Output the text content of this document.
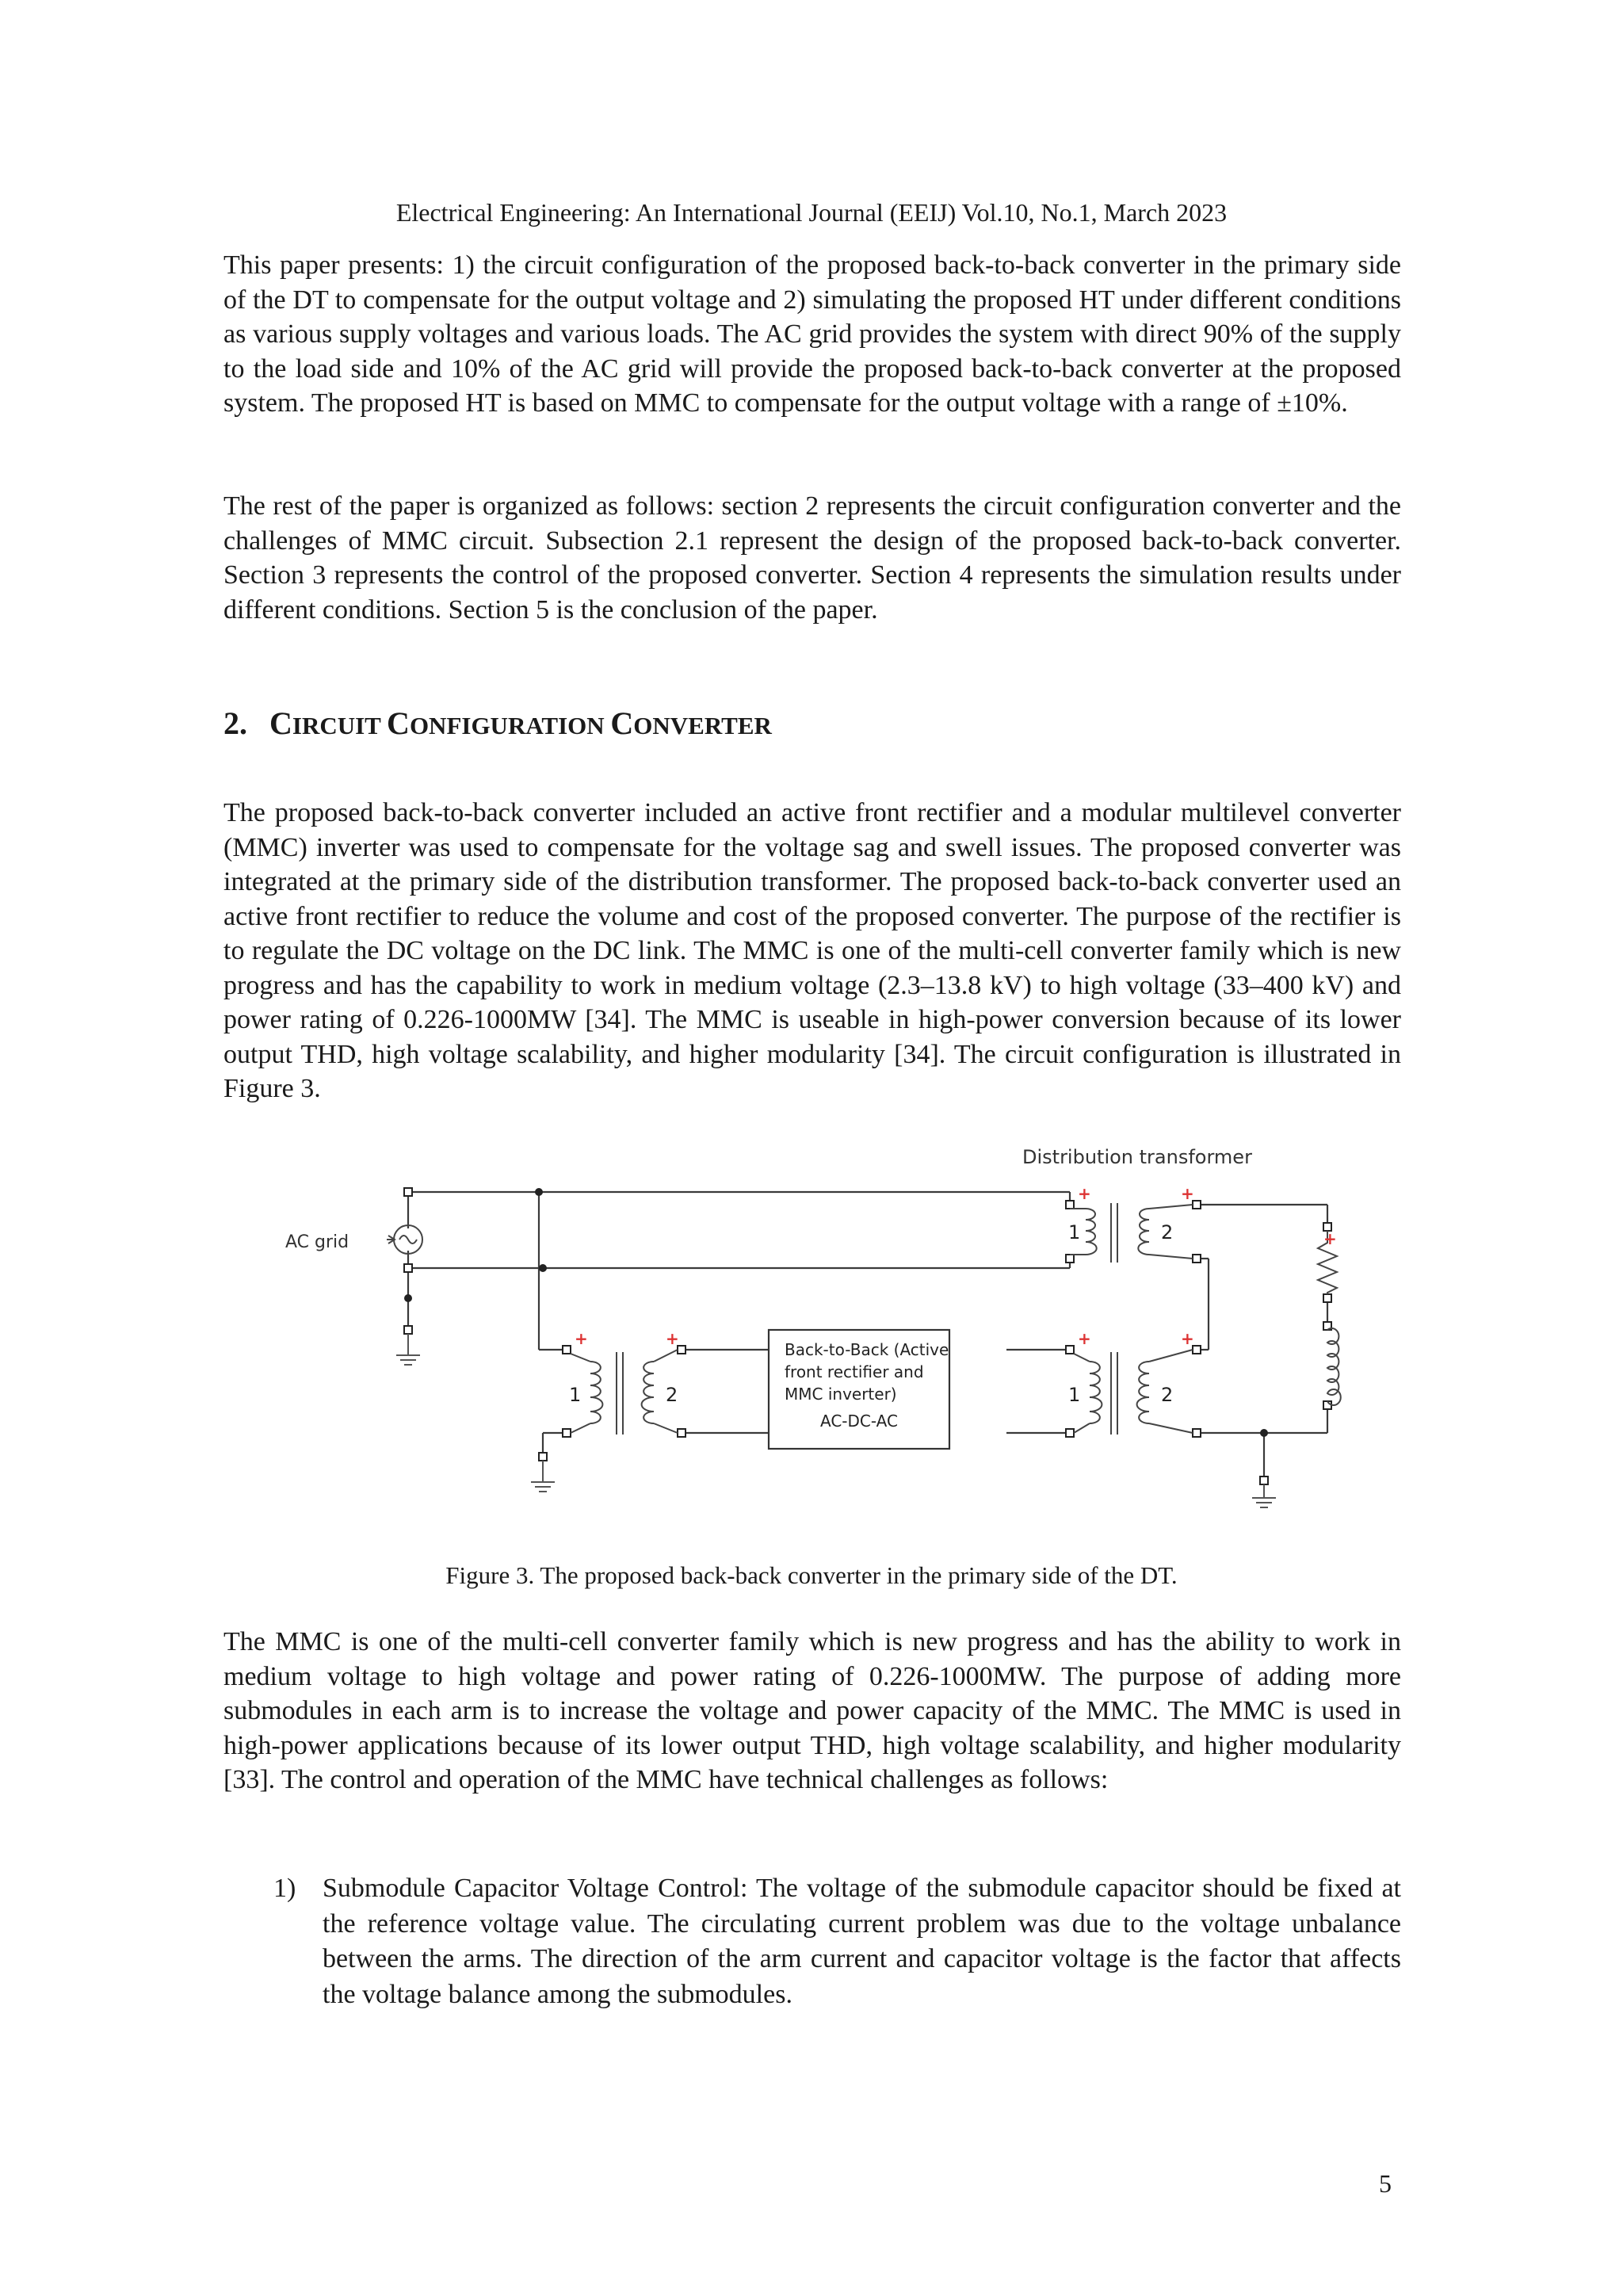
Electrical Engineering: An International Journal (EEIJ) Vol.10, No.1, March 2023

This paper presents: 1) the circuit configuration of the proposed back-to-back converter in the primary side of the DT to compensate for the output voltage and 2) simulating the proposed HT under different conditions as various supply voltages and various loads. The AC grid provides the system with direct 90% of the supply to the load side and 10% of the AC grid will provide the proposed back-to-back converter at the proposed system. The proposed HT is based on MMC to compensate for the output voltage with a range of ±10%.

The rest of the paper is organized as follows: section 2 represents the circuit configuration converter and the challenges of MMC circuit. Subsection 2.1 represent the design of the proposed back-to-back converter. Section 3 represents the control of the proposed converter. Section 4 represents the simulation results under different conditions. Section 5 is the conclusion of the paper.

2. CIRCUIT CONFIGURATION CONVERTER

The proposed back-to-back converter included an active front rectifier and a modular multilevel converter (MMC) inverter was used to compensate for the voltage sag and swell issues. The proposed converter was integrated at the primary side of the distribution transformer. The proposed back-to-back converter used an active front rectifier to reduce the volume and cost of the proposed converter. The purpose of the rectifier is to regulate the DC voltage on the DC link. The MMC is one of the multi-cell converter family which is new progress and has the capability to work in medium voltage (2.3–13.8 kV) to high voltage (33–400 kV) and power rating of 0.226-1000MW [34]. The MMC is useable in high-power conversion because of its lower output THD, high voltage scalability, and higher modularity [34]. The circuit configuration is illustrated in Figure 3.

AC grid
Back-to-Back (Active
front rectifier and
MMC inverter)
AC-DC-AC
Distribution transformer
1	2
1	2	1	2
+	+
+	+	+	+
+
Figure 3. The proposed back-back converter in the primary side of the DT.

The MMC is one of the multi-cell converter family which is new progress and has the ability to work in medium voltage to high voltage and power rating of 0.226-1000MW. The purpose of adding more submodules in each arm is to increase the voltage and power capacity of the MMC. The MMC is used in high-power applications because of its lower output THD, high voltage scalability, and higher modularity [33]. The control and operation of the MMC have technical challenges as follows:

1) Submodule Capacitor Voltage Control: The voltage of the submodule capacitor should be fixed at the reference voltage value. The circulating current problem was due to the voltage unbalance between the arms. The direction of the arm current and capacitor voltage is the factor that affects the voltage balance among the submodules.

5
